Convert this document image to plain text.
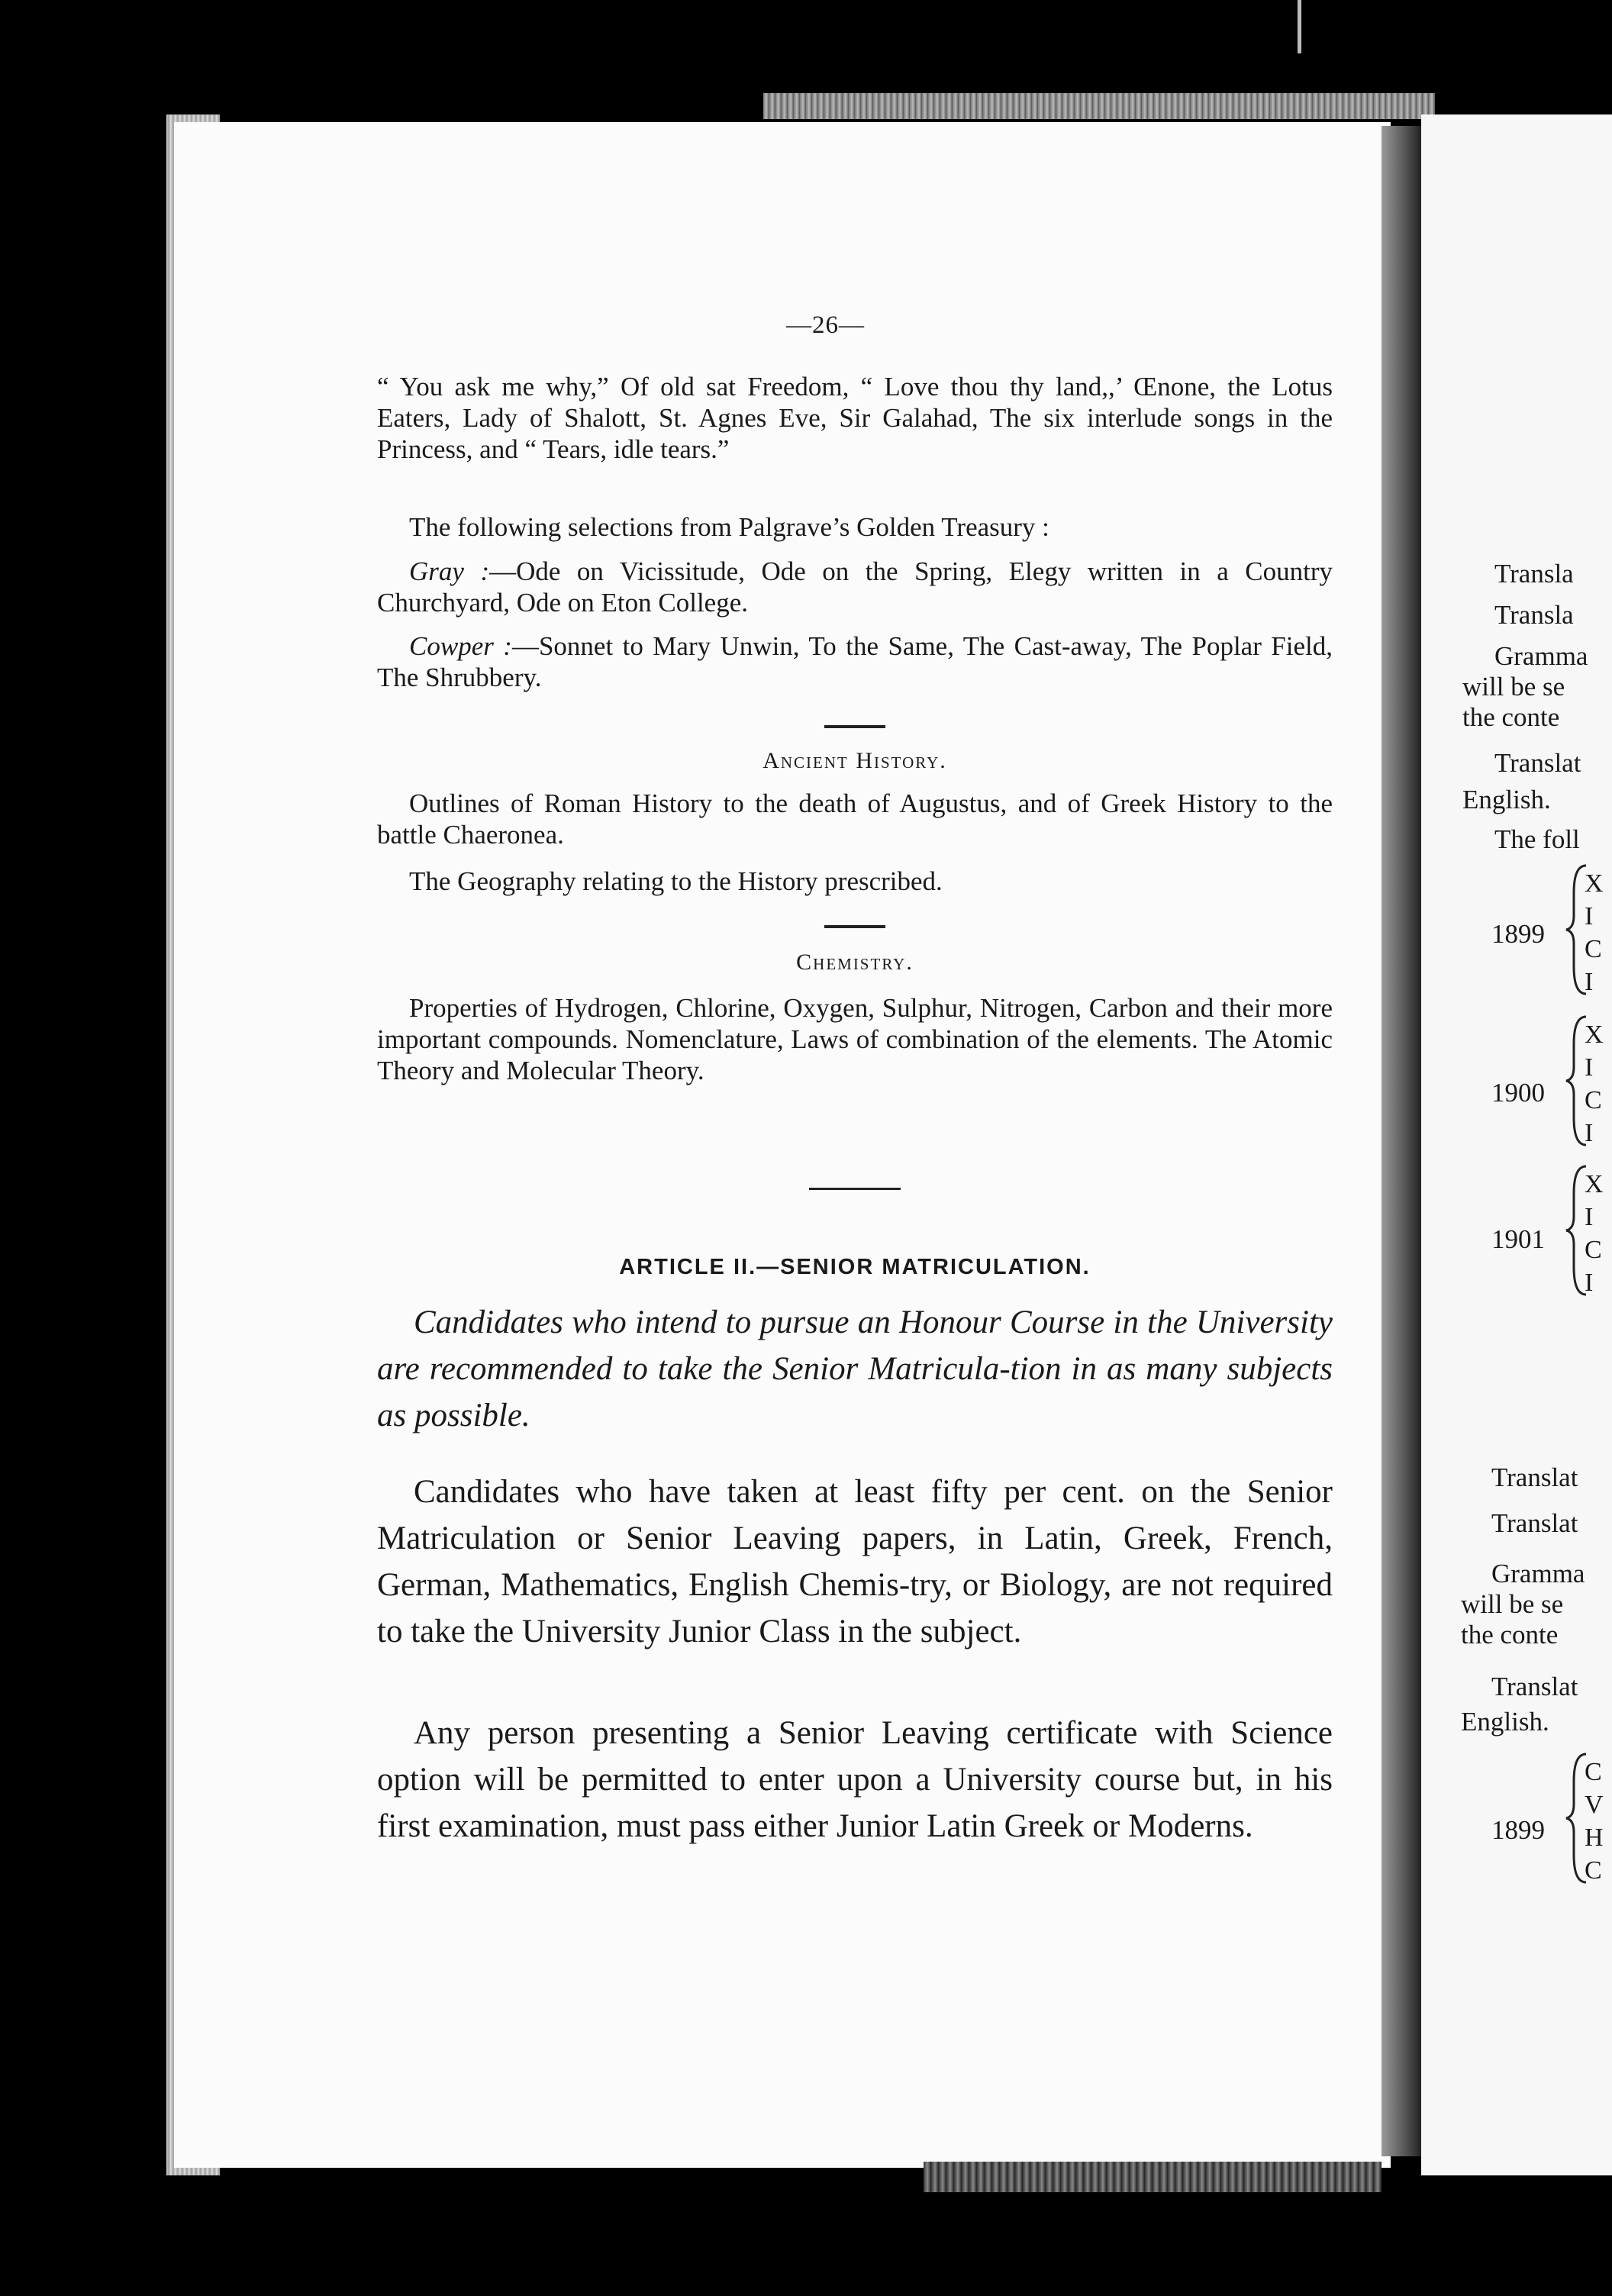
—26—
“ You ask me why,” Of old sat Freedom, “ Love thou thy land,,’ Œnone, the Lotus Eaters, Lady of Shalott, St. Agnes Eve, Sir Galahad, The six interlude songs in the Princess, and “ Tears, idle tears.”
The following selections from Palgrave’s Golden Treasury :
Gray :—Ode on Vicissitude, Ode on the Spring, Elegy written in a Country Churchyard, Ode on Eton College.
Cowper :—Sonnet to Mary Unwin, To the Same, The Cast-away, The Poplar Field, The Shrubbery.
Ancient History.
Outlines of Roman History to the death of Augustus, and of Greek History to the battle Chaeronea.
The Geography relating to the History prescribed.
Chemistry.
Properties of Hydrogen, Chlorine, Oxygen, Sulphur, Nitrogen, Carbon and their more important compounds. Nomenclature, Laws of combination of the elements. The Atomic Theory and Molecular Theory.
ARTICLE II.—SENIOR MATRICULATION.
Candidates who intend to pursue an Honour Course in the University are recommended to take the Senior Matricula-tion in as many subjects as possible.
Candidates who have taken at least fifty per cent. on the Senior Matriculation or Senior Leaving papers, in Latin, Greek, French, German, Mathematics, English Chemis-try, or Biology, are not required to take the University Junior Class in the subject.
Any person presenting a Senior Leaving certificate with Science option will be permitted to enter upon a University course but, in his first examination, must pass either Junior Latin Greek or Moderns.
Transla
Transla
Gramma
will be se
the conte
Translat
English.
The foll
1899
X
I
C
I
1900
X
I
C
I
1901
X
I
C
I
Translat
Translat
Gramma
will be se
the conte
Translat
English.
1899
C
V
H
C
